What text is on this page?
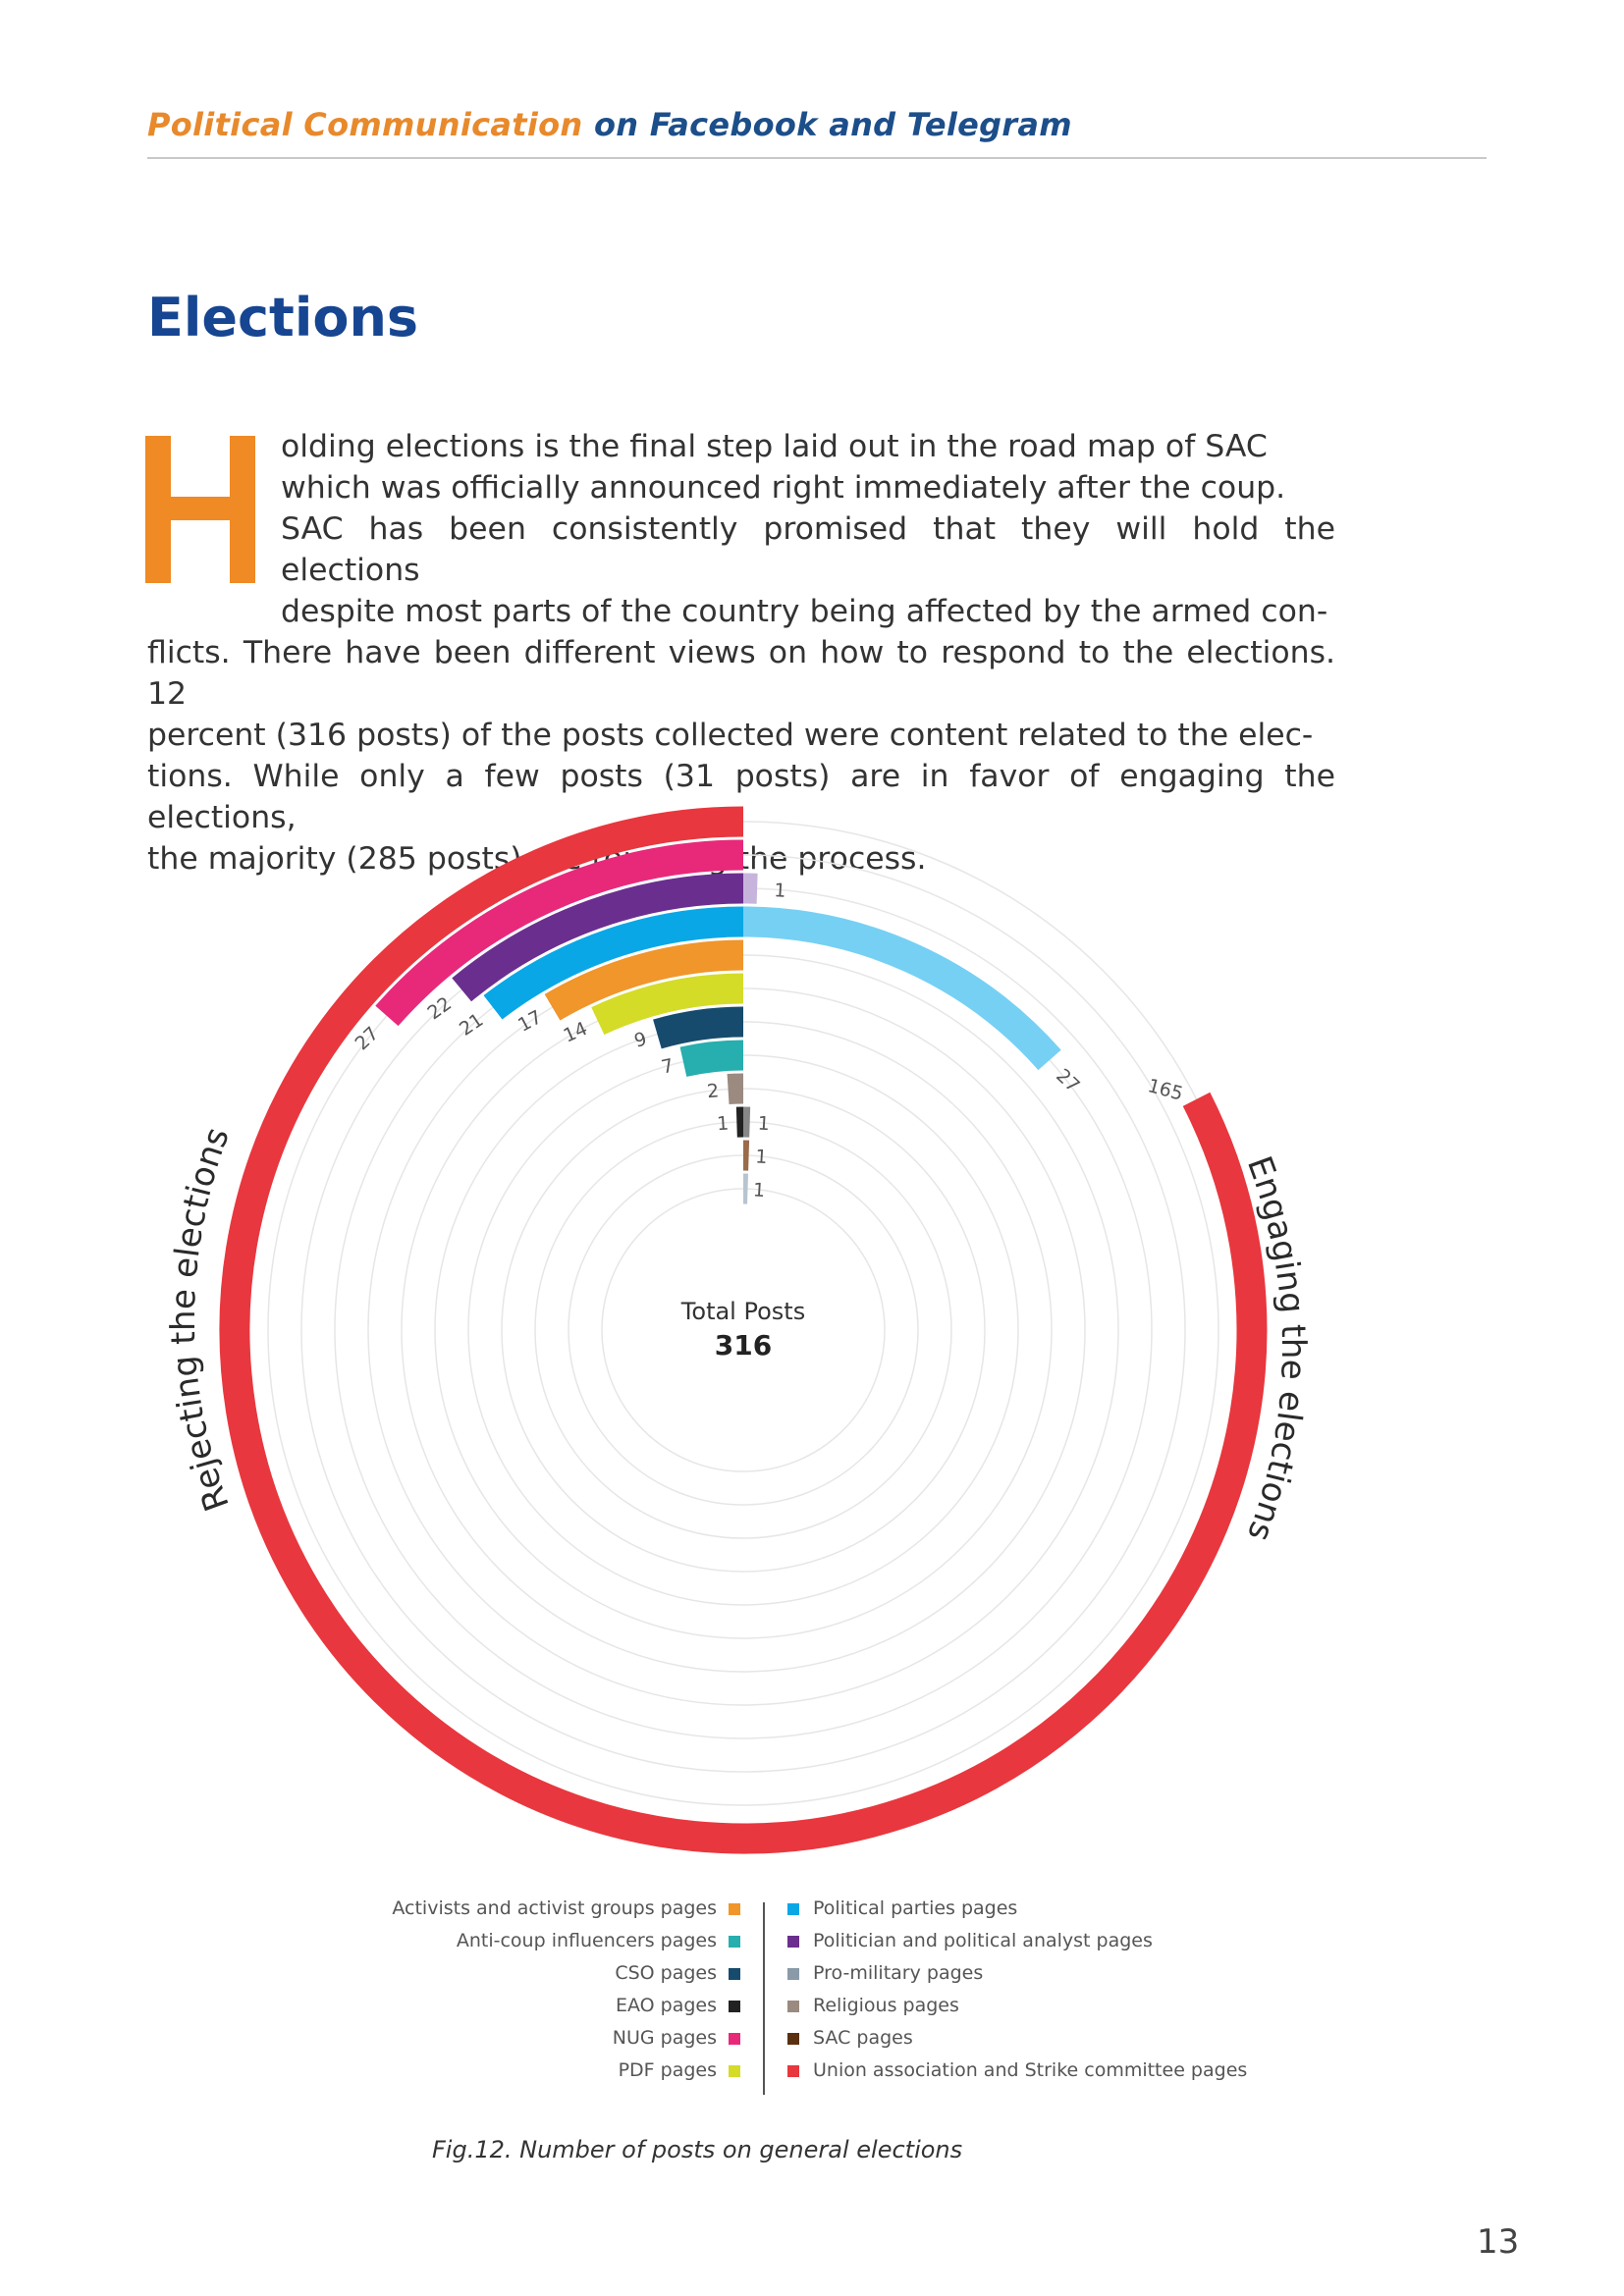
Political Communication on Facebook and Telegram
Elections
olding elections is the final step laid out in the road map of SAC
which was officially announced right immediately after the coup.
SAC has been consistently promised that they will hold the elections
despite most parts of the country being affected by the armed con-
flicts. There have been different views on how to respond to the elections. 12
percent (316 posts) of the posts collected were content related to the elec-
tions. While only a few posts (31 posts) are in favor of engaging the elections,
the majority (285 posts) are rejecting the process.
27
22
21 17 14 9
7
2
1
165
1
27
1
1
1
Rejecting the elections
Engaging the elections
Total Posts
316
Activists and activist groups pages
Anti-coup influencers pages
CSO pages
EAO pages
NUG pages
PDF pages
Political parties pages
Politician and political analyst pages
Pro-military pages
Religious pages
SAC pages
Union association and Strike committee pages
Fig.12. Number of posts on general elections
13
